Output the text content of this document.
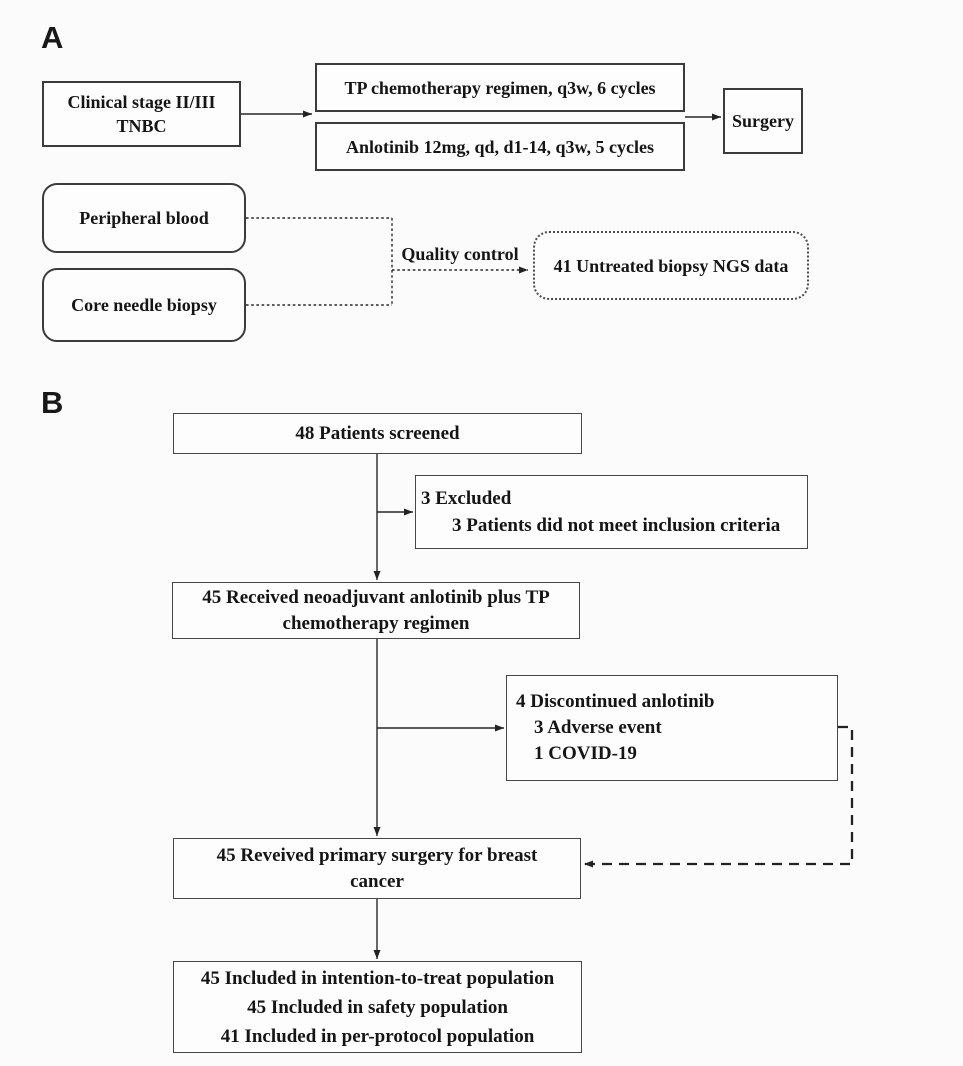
A
Clinical stage II/III
TNBC
TP chemotherapy regimen, q3w, 6 cycles
Anlotinib 12mg, qd, d1-14, q3w, 5 cycles
Surgery
Peripheral blood
Core needle biopsy
Quality control
41 Untreated biopsy NGS data
B
48 Patients screened
3 Excluded
3 Patients did not meet inclusion criteria
45 Received neoadjuvant anlotinib plus TP
chemotherapy regimen
4 Discontinued anlotinib
3 Adverse event
1 COVID-19
45 Reveived primary surgery for breast
cancer
45 Included in intention-to-treat population
45 Included in safety population
41 Included in per-protocol population
